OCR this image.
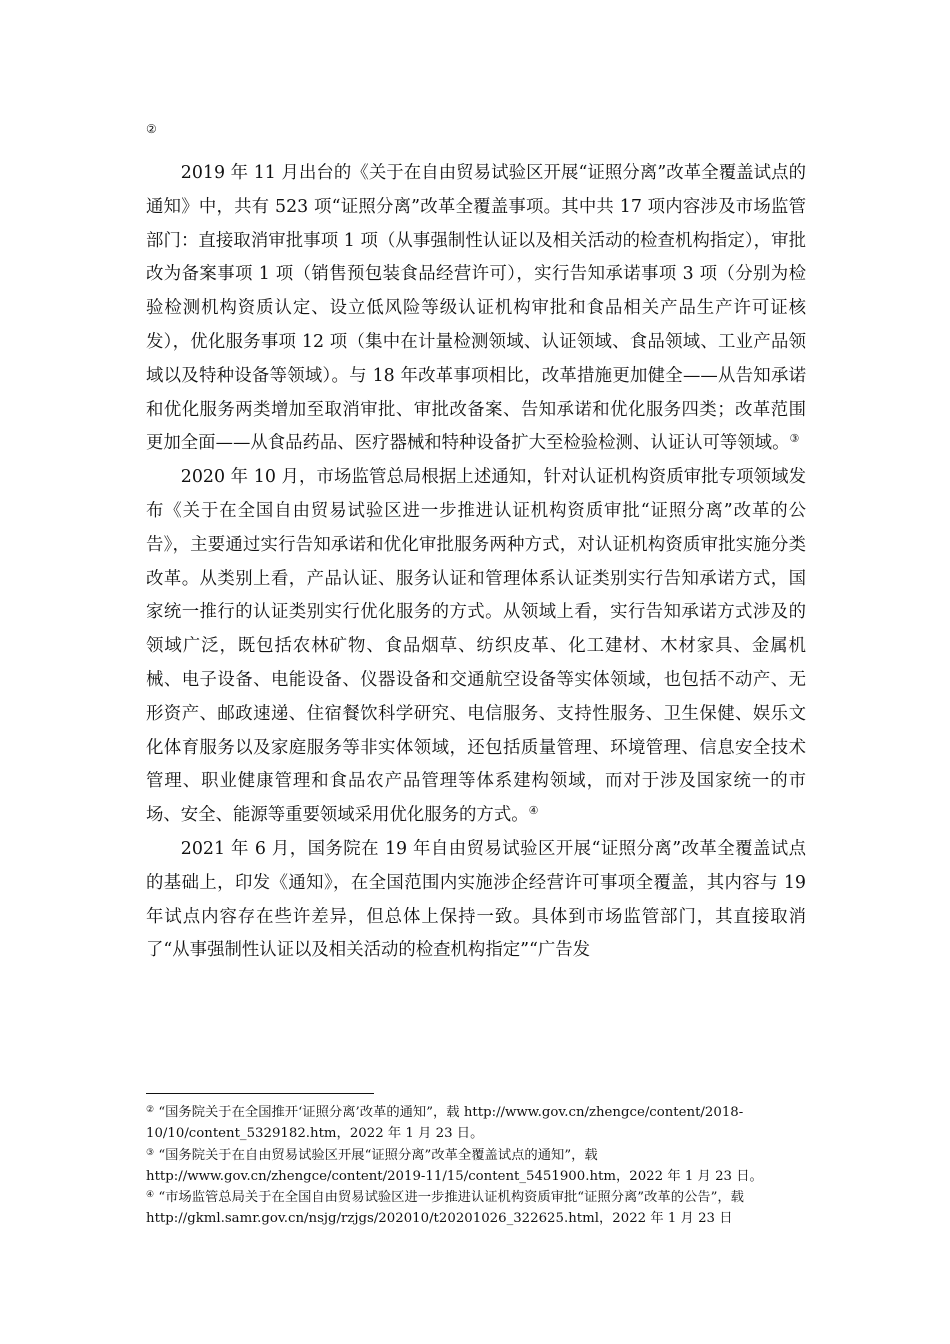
②

2019 年 11 月出台的《关于在自由贸易试验区开展“证照分离”改革全覆盖试点的通知》中，共有 523 项“证照分离”改革全覆盖事项。其中共 17 项内容涉及市场监管部门：直接取消审批事项 1 项（从事强制性认证以及相关活动的检查机构指定），审批改为备案事项 1 项（销售预包装食品经营许可），实行告知承诺事项 3 项（分别为检验检测机构资质认定、设立低风险等级认证机构审批和食品相关产品生产许可证核发），优化服务事项 12 项（集中在计量检测领域、认证领域、食品领域、工业产品领域以及特种设备等领域）。与 18 年改革事项相比，改革措施更加健全——从告知承诺和优化服务两类增加至取消审批、审批改备案、告知承诺和优化服务四类；改革范围更加全面——从食品药品、医疗器械和特种设备扩大至检验检测、认证认可等领域。③

2020 年 10 月，市场监管总局根据上述通知，针对认证机构资质审批专项领域发布《关于在全国自由贸易试验区进一步推进认证机构资质审批“证照分离”改革的公告》，主要通过实行告知承诺和优化审批服务两种方式，对认证机构资质审批实施分类改革。从类别上看，产品认证、服务认证和管理体系认证类别实行告知承诺方式，国家统一推行的认证类别实行优化服务的方式。从领域上看，实行告知承诺方式涉及的领域广泛，既包括农林矿物、食品烟草、纺织皮革、化工建材、木材家具、金属机械、电子设备、电能设备、仪器设备和交通航空设备等实体领域，也包括不动产、无形资产、邮政速递、住宿餐饮科学研究、电信服务、支持性服务、卫生保健、娱乐文化体育服务以及家庭服务等非实体领域，还包括质量管理、环境管理、信息安全技术管理、职业健康管理和食品农产品管理等体系建构领域，而对于涉及国家统一的市场、安全、能源等重要领域采用优化服务的方式。④

2021 年 6 月，国务院在 19 年自由贸易试验区开展“证照分离”改革全覆盖试点的基础上，印发《通知》，在全国范围内实施涉企经营许可事项全覆盖，其内容与 19 年试点内容存在些许差异，但总体上保持一致。具体到市场监管部门，其直接取消了“从事强制性认证以及相关活动的检查机构指定”“广告发

② “国务院关于在全国推开‘证照分离’改革的通知”，载 http://www.gov.cn/zhengce/content/2018-10/10/content_5329182.htm，2022 年 1 月 23 日。

③ “国务院关于在自由贸易试验区开展“证照分离”改革全覆盖试点的通知”，载 http://www.gov.cn/zhengce/content/2019-11/15/content_5451900.htm，2022 年 1 月 23 日。

④ “市场监管总局关于在全国自由贸易试验区进一步推进认证机构资质审批“证照分离”改革的公告”，载 http://gkml.samr.gov.cn/nsjg/rzjgs/202010/t20201026_322625.html，2022 年 1 月 23 日
